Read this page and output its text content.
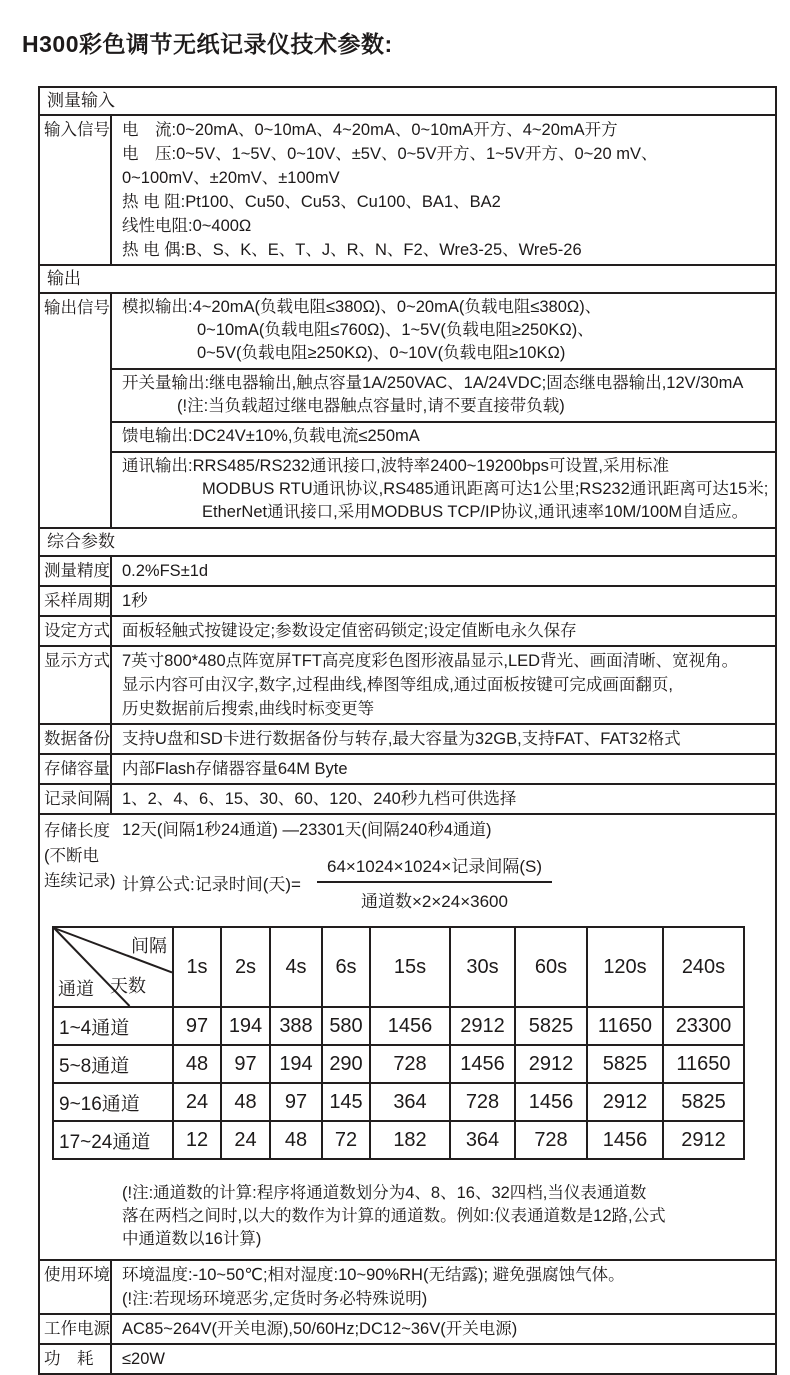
H300彩色调节无纸记录仪技术参数:
测量输入
输入信号 电　流:0~20mA、0~10mA、4~20mA、0~10mA开方、4~20mA开方
电　压:0~5V、1~5V、0~10V、±5V、0~5V开方、1~5V开方、0~20 mV、
0~100mV、±20mV、±100mV
热 电 阻:Pt100、Cu50、Cu53、Cu100、BA1、BA2
线性电阻:0~400Ω
热 电 偶:B、S、K、E、T、J、R、N、F2、Wre3-25、Wre5-26
输出
输出信号 模拟输出:4~20mA(负载电阻≤380Ω)、0~20mA(负载电阻≤380Ω)、
0~10mA(负载电阻≤760Ω)、1~5V(负载电阻≥250KΩ)、
0~5V(负载电阻≥250KΩ)、0~10V(负载电阻≥10KΩ)
开关量输出:继电器输出,触点容量1A/250VAC、1A/24VDC;固态继电器输出,12V/30mA
(!注:当负载超过继电器触点容量时,请不要直接带负载)
馈电输出:DC24V±10%,负载电流≤250mA
通讯输出:RRS485/RS232通讯接口,波特率2400~19200bps可设置,采用标准
MODBUS RTU通讯协议,RS485通讯距离可达1公里;RS232通讯距离可达15米;
EtherNet通讯接口,采用MODBUS TCP/IP协议,通讯速率10M/100M自适应。
综合参数
测量精度 0.2%FS±1d
采样周期 1秒
设定方式 面板轻触式按键设定;参数设定值密码锁定;设定值断电永久保存
显示方式 7英寸800*480点阵宽屏TFT高亮度彩色图形液晶显示,LED背光、画面清晰、宽视角。
显示内容可由汉字,数字,过程曲线,棒图等组成,通过面板按键可完成画面翻页,
历史数据前后搜索,曲线时标变更等
数据备份 支持U盘和SD卡进行数据备份与转存,最大容量为32GB,支持FAT、FAT32格式
存储容量 内部Flash存储器容量64M Byte
记录间隔 1、2、4、6、15、30、60、120、240秒九档可供选择
存储长度
(不断电
连续记录)
12天(间隔1秒24通道) —23301天(间隔240秒4通道)
计算公式:记录时间(天)= $\frac{\text{64×1024×1024×记录间隔(S)}}{\text{通道数×2×24×3600}}$
间隔
天数
通道	1s	2s	4s	6s	15s	30s	60s	120s	240s
1~4通道	97	194	388	580	1456	2912	5825	11650	23300
5~8通道	48	97	194	290	728	1456	2912	5825	11650
9~16通道	24	48	97	145	364	728	1456	2912	5825
17~24通道	12	24	48	72	182	364	728	1456	2912
(!注:通道数的计算:程序将通道数划分为4、8、16、32四档,当仪表通道数
落在两档之间时,以大的数作为计算的通道数。例如:仪表通道数是12路,公式
中通道数以16计算)
使用环境 环境温度:-10~50℃;相对湿度:10~90%RH(无结露); 避免强腐蚀气体。
(!注:若现场环境恶劣,定货时务必特殊说明)
工作电源 AC85~264V(开关电源),50/60Hz;DC12~36V(开关电源)
功　耗	≤20W
